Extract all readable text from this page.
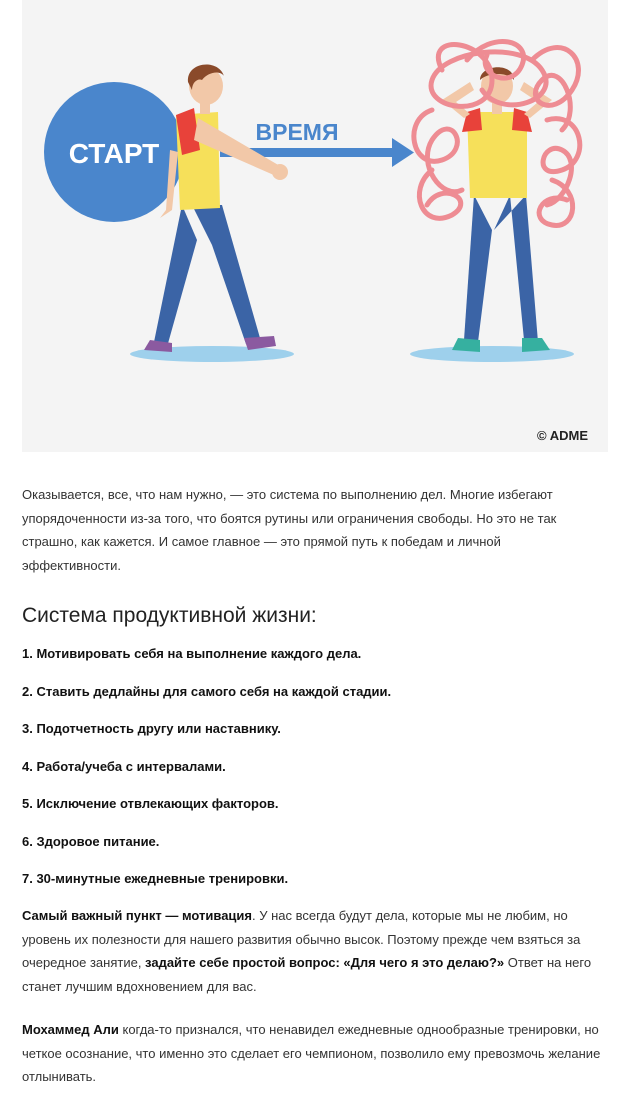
СТАРТ
ВРЕМЯ
© ADME

Оказывается, все, что нам нужно, — это система по выполнению дел. Многие избегают упорядоченности из-за того, что боятся рутины или ограничения свободы. Но это не так страшно, как кажется. И самое главное — это прямой путь к победам и личной эффективности.

Система продуктивной жизни:
1. Мотивировать себя на выполнение каждого дела.
2. Ставить дедлайны для самого себя на каждой стадии.
3. Подотчетность другу или наставнику.
4. Работа/учеба с интервалами.
5. Исключение отвлекающих факторов.
6. Здоровое питание.
7. 30-минутные ежедневные тренировки.

Самый важный пункт — мотивация. У нас всегда будут дела, которые мы не любим, но уровень их полезности для нашего развития обычно высок. Поэтому прежде чем взяться за очередное занятие, задайте себе простой вопрос: «Для чего я это делаю?» Ответ на него станет лучшим вдохновением для вас.

Мохаммед Али когда-то признался, что ненавидел ежедневные однообразные тренировки, но четкое осознание, что именно это сделает его чемпионом, позволило ему превозмочь желание отлынивать.
